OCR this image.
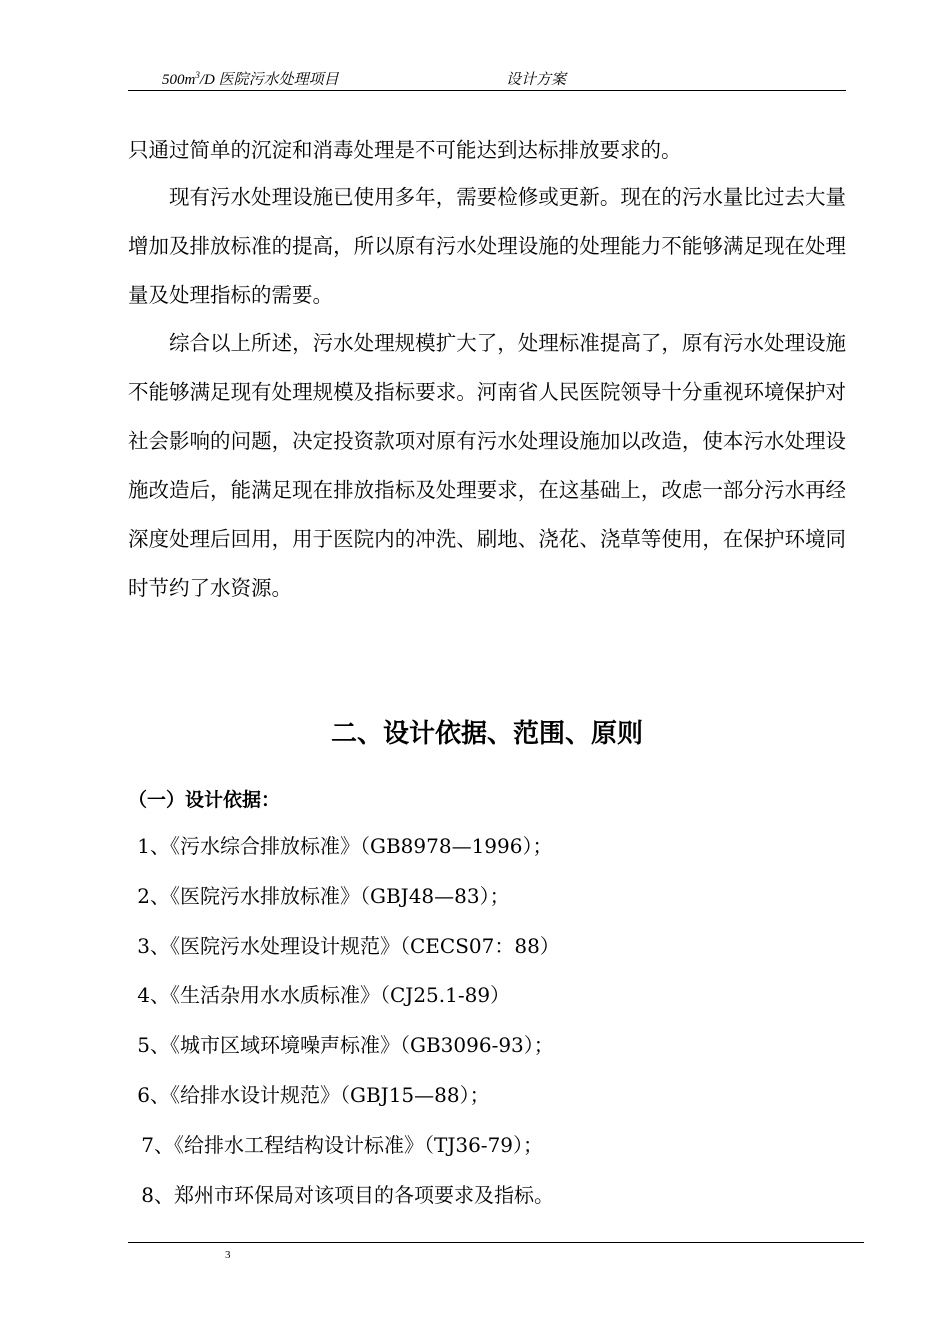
$500m^3/D$ 医院污水处理项目	设计方案

只通过简单的沉淀和消毒处理是不可能达到达标排放要求的。

现有污水处理设施已使用多年，需要检修或更新。现在的污水量比过去大量增加及排放标准的提高，所以原有污水处理设施的处理能力不能够满足现在处理量及处理指标的需要。

综合以上所述，污水处理规模扩大了，处理标准提高了，原有污水处理设施不能够满足现有处理规模及指标要求。河南省人民医院领导十分重视环境保护对社会影响的问题，决定投资款项对原有污水处理设施加以改造，使本污水处理设施改造后，能满足现在排放指标及处理要求，在这基础上，改虑一部分污水再经深度处理后回用，用于医院内的冲洗、刷地、浇花、浇草等使用，在保护环境同时节约了水资源。

二、设计依据、范围、原则
（一）设计依据：
1、《污水综合排放标准》（GB8978—1996）；
2、《医院污水排放标准》（GBJ48—83）；
3、《医院污水处理设计规范》（CECS07：88）
4、《生活杂用水水质标准》（CJ25.1-89）
5、《城市区域环境噪声标准》（GB3096-93）；
6、《给排水设计规范》（GBJ15—88）；
7、《给排水工程结构设计标准》（TJ36-79）；
8、郑州市环保局对该项目的各项要求及指标。
3
